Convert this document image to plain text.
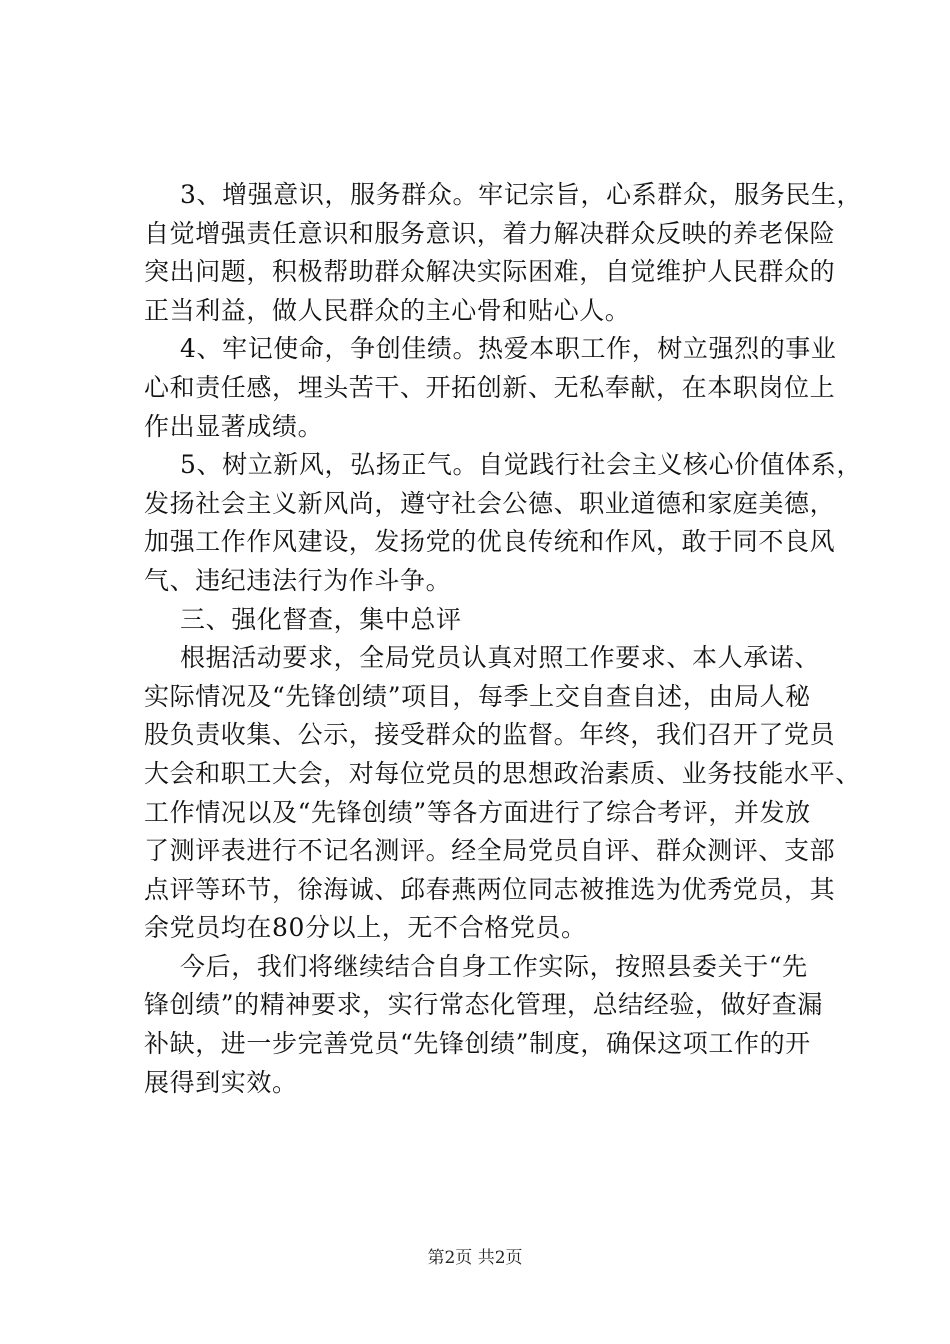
3、增强意识，服务群众。牢记宗旨，心系群众，服务民生，
自觉增强责任意识和服务意识，着力解决群众反映的养老保险
突出问题，积极帮助群众解决实际困难，自觉维护人民群众的
正当利益，做人民群众的主心骨和贴心人。
4、牢记使命，争创佳绩。热爱本职工作，树立强烈的事业
心和责任感，埋头苦干、开拓创新、无私奉献，在本职岗位上
作出显著成绩。
5、树立新风，弘扬正气。自觉践行社会主义核心价值体系，
发扬社会主义新风尚，遵守社会公德、职业道德和家庭美德，
加强工作作风建设，发扬党的优良传统和作风，敢于同不良风
气、违纪违法行为作斗争。
三、强化督查，集中总评
根据活动要求，全局党员认真对照工作要求、本人承诺、
实际情况及“先锋创绩”项目，每季上交自查自述，由局人秘
股负责收集、公示，接受群众的监督。年终，我们召开了党员
大会和职工大会，对每位党员的思想政治素质、业务技能水平、
工作情况以及“先锋创绩”等各方面进行了综合考评，并发放
了测评表进行不记名测评。经全局党员自评、群众测评、支部
点评等环节，徐海诚、邱春燕两位同志被推选为优秀党员，其
余党员均在80分以上，无不合格党员。
今后，我们将继续结合自身工作实际，按照县委关于“先
锋创绩”的精神要求，实行常态化管理，总结经验，做好查漏
补缺，进一步完善党员“先锋创绩”制度，确保这项工作的开
展得到实效。
第2页 共2页
